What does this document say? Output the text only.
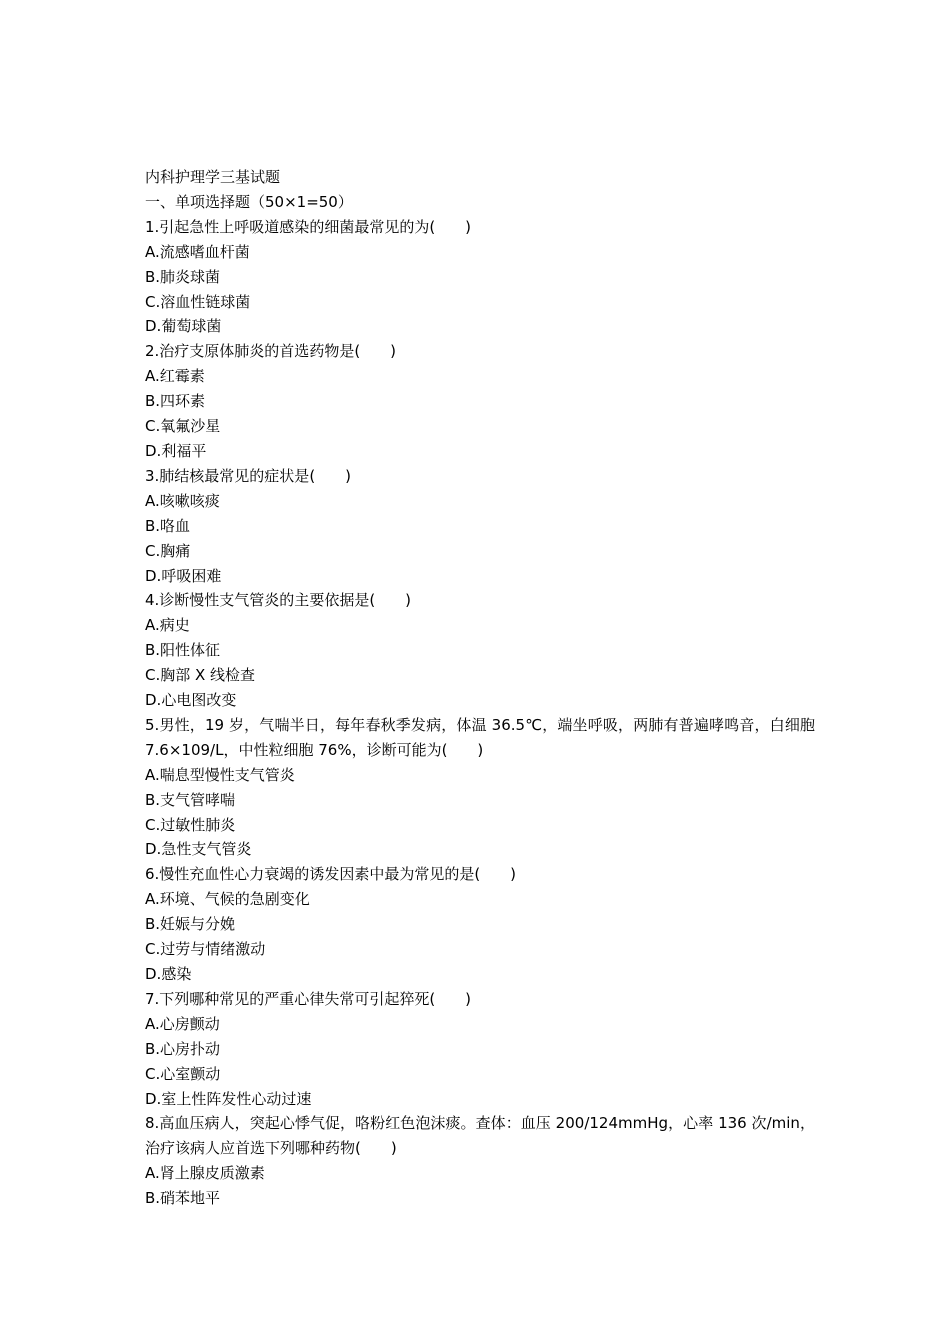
内科护理学三基试题
一、单项选择题（50×1=50）
1.引起急性上呼吸道感染的细菌最常见的为(　　)
A.流感嗜血杆菌
B.肺炎球菌
C.溶血性链球菌
D.葡萄球菌
2.治疗支原体肺炎的首选药物是(　　)
A.红霉素
B.四环素
C.氧氟沙星
D.利福平
3.肺结核最常见的症状是(　　)
A.咳嗽咳痰
B.咯血
C.胸痛
D.呼吸困难
4.诊断慢性支气管炎的主要依据是(　　)
A.病史
B.阳性体征
C.胸部 X 线检查
D.心电图改变
5.男性，19 岁，气喘半日，每年春秋季发病，体温 36.5℃，端坐呼吸，两肺有普遍哮鸣音，白细胞 7.6×109/L，中性粒细胞 76%，诊断可能为(　　)
A.喘息型慢性支气管炎
B.支气管哮喘
C.过敏性肺炎
D.急性支气管炎
6.慢性充血性心力衰竭的诱发因素中最为常见的是(　　)
A.环境、气候的急剧变化
B.妊娠与分娩
C.过劳与情绪激动
D.感染
7.下列哪种常见的严重心律失常可引起猝死(　　)
A.心房颤动
B.心房扑动
C.心室颤动
D.室上性阵发性心动过速
8.高血压病人，突起心悸气促，咯粉红色泡沫痰。查体：血压 200/124mmHg，心率 136 次/min，治疗该病人应首选下列哪种药物(　　)
A.肾上腺皮质激素
B.硝苯地平
